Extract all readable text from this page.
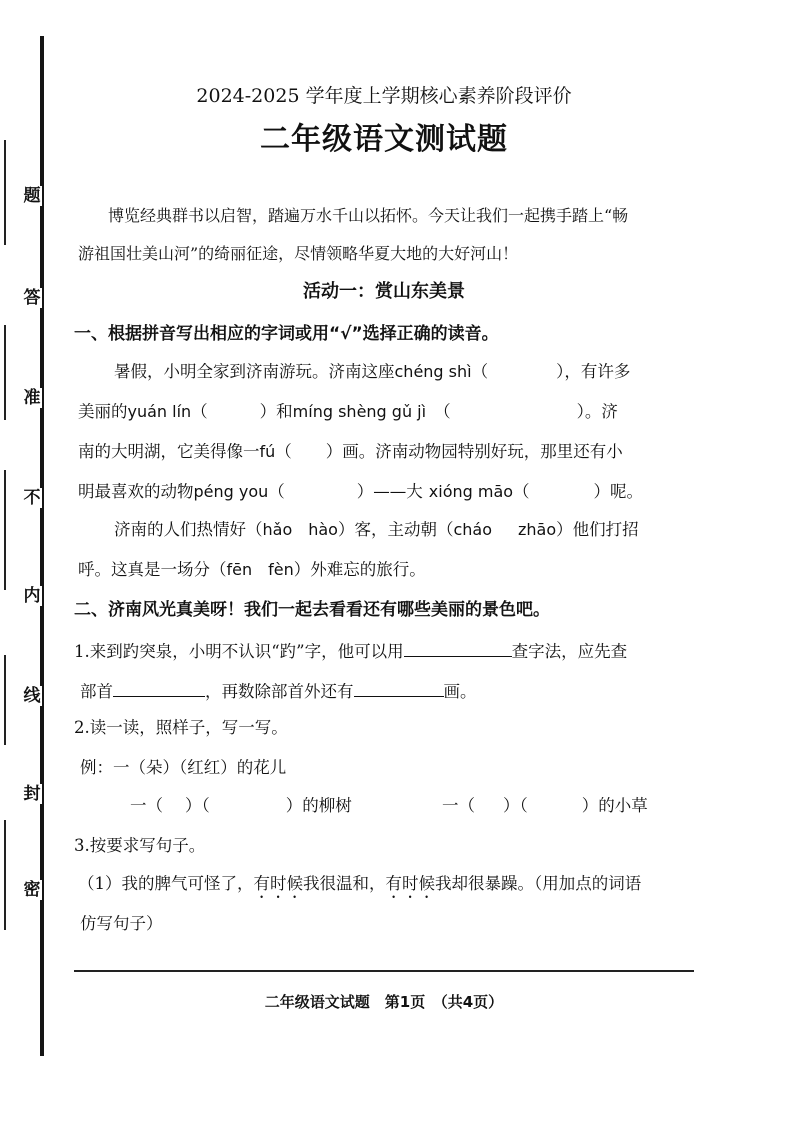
题
答
准
不
内
线
封
密
2024-2025 学年度上学期核心素养阶段评价
二年级语文测试题
博览经典群书以启智，踏遍万水千山以拓怀。今天让我们一起携手踏上“畅
游祖国壮美山河”的绮丽征途，尽情领略华夏大地的大好河山！
活动一：赏山东美景
一、根据拼音写出相应的字词或用“√”选择正确的读音。
暑假，小明全家到济南游玩。济南这座chéng shì（	），有许多
美丽的yuán lín（	）和míng shèng gǔ jì （	）。济
南的大明湖，它美得像一fú（ ）画。济南动物园特别好玩，那里还有小
明最喜欢的动物péng you（	）——大 xióng māo（	）呢。
济南的人们热情好（hǎo hào）客，主动朝（cháo zhāo）他们打招
呼。这真是一场分（fēn fèn）外难忘的旅行。
二、济南风光真美呀！我们一起去看看还有哪些美丽的景色吧。
1.来到趵突泉，小明不认识“趵”字，他可以用	查字法，应先查
部首	，再数除部首外还有	画。
2.读一读，照样子，写一写。
例：一（朵）（红红）的花儿
一（ ）（	）的柳树	一（ ）（	）的小草
3.按要求写句子。
（1）我的脾气可怪了，有时候我很温和，有时候我却很暴躁。（用加点的词语
仿写句子）
二年级语文试题　第1页　（共4页）
